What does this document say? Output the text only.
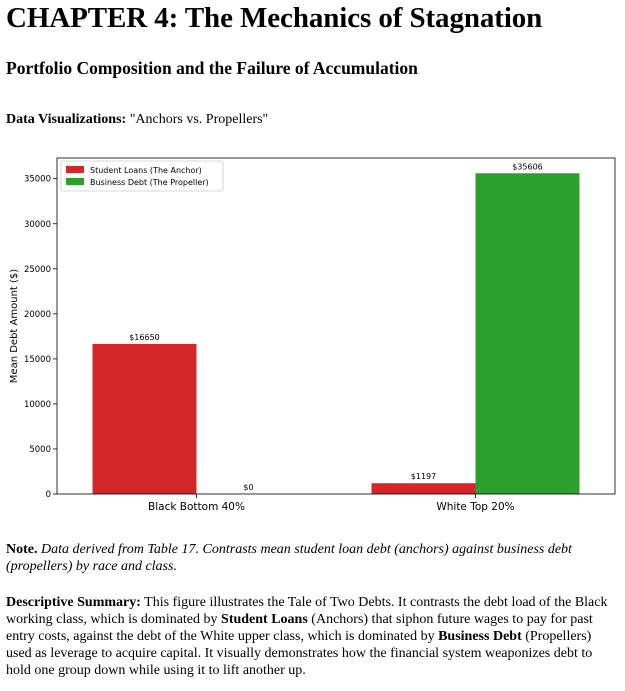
CHAPTER 4: The Mechanics of Stagnation
Portfolio Composition and the Failure of Accumulation

Data Visualizations: "Anchors vs. Propellers"

0
5000
10000
15000
20000
25000
30000
35000
Mean Debt Amount ($)
Black Bottom 40%
$16650
$0
White Top 20%
$1197
$35606
Student Loans (The Anchor)
Business Debt (The Propeller)

Note. Data derived from Table 17. Contrasts mean student loan debt (anchors) against business debt (propellers) by race and class.

Descriptive Summary: This figure illustrates the Tale of Two Debts. It contrasts the debt load of the Black working class, which is dominated by Student Loans (Anchors) that siphon future wages to pay for past entry costs, against the debt of the White upper class, which is dominated by Business Debt (Propellers) used as leverage to acquire capital. It visually demonstrates how the financial system weaponizes debt to hold one group down while using it to lift another up.
